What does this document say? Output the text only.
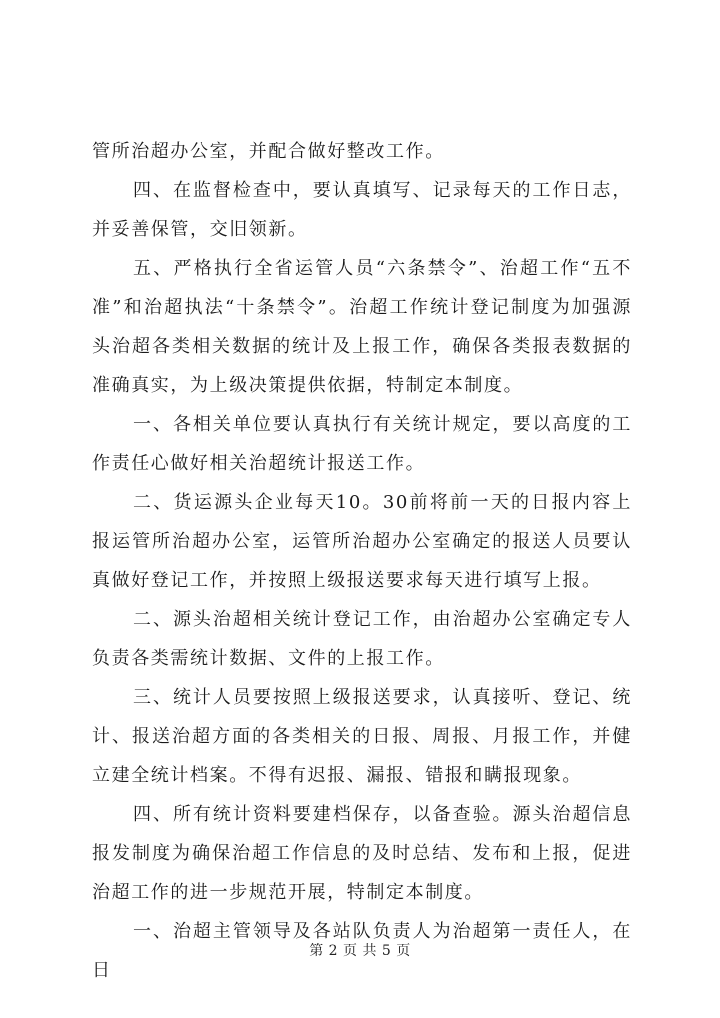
管所治超办公室，并配合做好整改工作。

四、在监督检查中，要认真填写、记录每天的工作日志，并妥善保管，交旧领新。

五、严格执行全省运管人员“六条禁令”、治超工作“五不准”和治超执法“十条禁令”。治超工作统计登记制度为加强源头治超各类相关数据的统计及上报工作，确保各类报表数据的准确真实，为上级决策提供依据，特制定本制度。

一、各相关单位要认真执行有关统计规定，要以高度的工作责任心做好相关治超统计报送工作。

二、货运源头企业每天10。30前将前一天的日报内容上报运管所治超办公室，运管所治超办公室确定的报送人员要认真做好登记工作，并按照上级报送要求每天进行填写上报。

二、源头治超相关统计登记工作，由治超办公室确定专人负责各类需统计数据、文件的上报工作。

三、统计人员要按照上级报送要求，认真接听、登记、统计、报送治超方面的各类相关的日报、周报、月报工作，并健立建全统计档案。不得有迟报、漏报、错报和瞒报现象。

四、所有统计资料要建档保存，以备查验。源头治超信息报发制度为确保治超工作信息的及时总结、发布和上报，促进治超工作的进一步规范开展，特制定本制度。

一、治超主管领导及各站队负责人为治超第一责任人，在日

第 2 页 共 5 页
